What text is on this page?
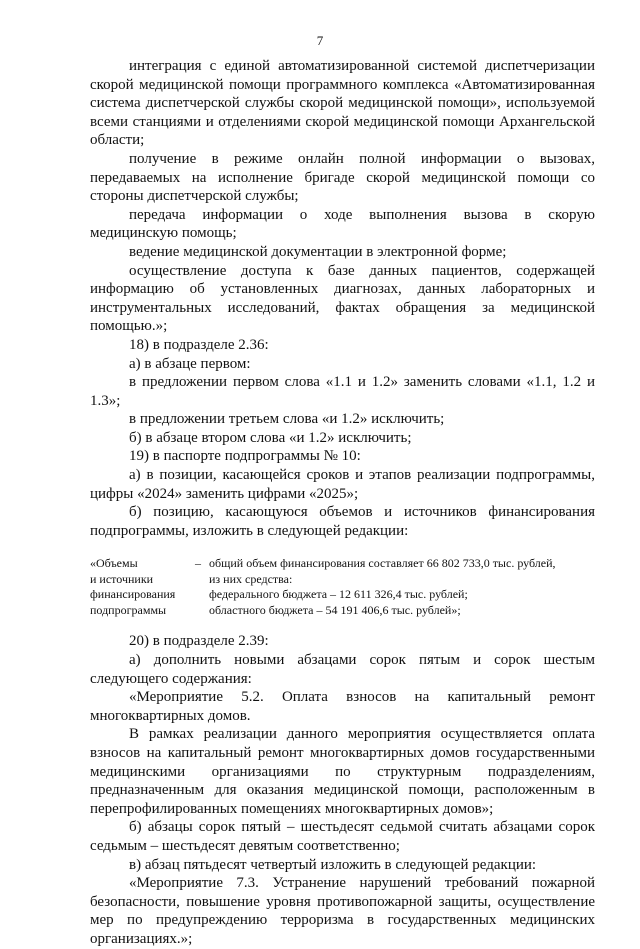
7

интеграция с единой автоматизированной системой диспетчеризации скорой медицинской помощи программного комплекса «Автоматизированная система диспетчерской службы скорой медицинской помощи», используемой всеми станциями и отделениями скорой медицинской помощи Архангельской области;

получение в режиме онлайн полной информации о вызовах, передаваемых на исполнение бригаде скорой медицинской помощи со стороны диспетчерской службы;

передача информации о ходе выполнения вызова в скорую медицинскую помощь;

ведение медицинской документации в электронной форме;

осуществление доступа к базе данных пациентов, содержащей информацию об установленных диагнозах, данных лабораторных и инструментальных исследований, фактах обращения за медицинской помощью.»;

18) в подразделе 2.36:

а) в абзаце первом:

в предложении первом слова «1.1 и 1.2» заменить словами «1.1, 1.2 и 1.3»;

в предложении третьем слова «и 1.2» исключить;

б) в абзаце втором слова «и 1.2» исключить;

19) в паспорте подпрограммы № 10:

а) в позиции, касающейся сроков и этапов реализации подпрограммы, цифры «2024» заменить цифрами «2025»;

б) позицию, касающуюся объемов и источников финансирования подпрограммы, изложить в следующей редакции:

«Объемы
и источники
финансирования
подпрограммы
– общий объем финансирования составляет 66 802 733,0 тыс. рублей,
из них средства:
федерального бюджета – 12 611 326,4 тыс. рублей;
областного бюджета – 54 191 406,6 тыс. рублей»;

20) в подразделе 2.39:

а) дополнить новыми абзацами сорок пятым и сорок шестым следующего содержания:

«Мероприятие 5.2. Оплата взносов на капитальный ремонт многоквартирных домов.

В рамках реализации данного мероприятия осуществляется оплата взносов на капитальный ремонт многоквартирных домов государственными медицинскими организациями по структурным подразделениям, предназначенным для оказания медицинской помощи, расположенным в перепрофилированных помещениях многоквартирных домов»;

б) абзацы сорок пятый – шестьдесят седьмой считать абзацами сорок седьмым – шестьдесят девятым соответственно;

в) абзац пятьдесят четвертый изложить в следующей редакции:

«Мероприятие 7.3. Устранение нарушений требований пожарной безопасности, повышение уровня противопожарной защиты, осуществление мер по предупреждению терроризма в государственных медицинских организациях.»;
